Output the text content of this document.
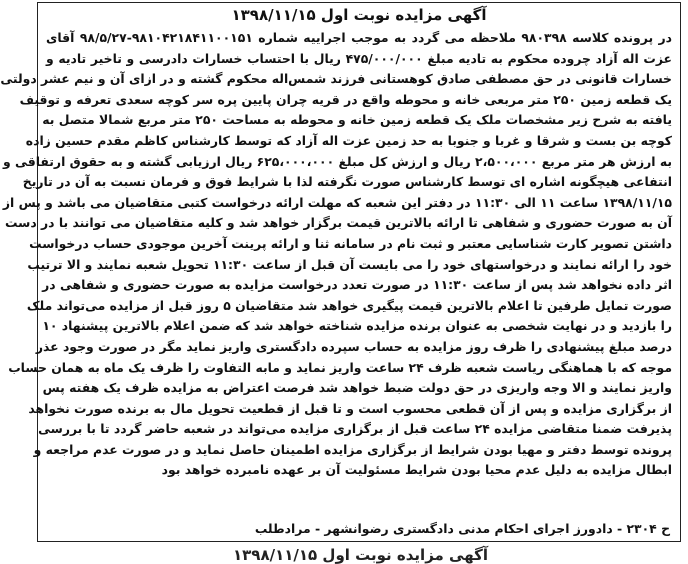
آگهی مزایده نوبت اول ۱۳۹۸/۱۱/۱۵
در پرونده کلاسه ۹۸۰۳۹۸ ملاحظه می گردد به موجب اجراییه شماره ۹۸۱۰۴۲۱۸۴۱۱۰۰۱۵۱-۹۸/۵/۲۷ آقای
عزت اله آزاد چروده محکوم به تادیه مبلغ ۴۷۵/۰۰۰/۰۰۰ ریال با احتساب خسارات دادرسی و تاخیر تادیه و
خسارات قانونی در حق مصطفی صادق کوهستانی فرزند شمس‌اله محکوم گشته و در ازای آن و نیم عشر دولتی
یک قطعه زمین ۲۵۰ متر مربعی خانه و محوطه واقع در قریه چران پایین پره سر کوچه سعدی تعرفه و توقیف
یافته به شرح زیر مشخصات ملک یک قطعه زمین خانه و محوطه به مساحت ۲۵۰ متر مربع شمالا متصل به
کوچه بن بست و شرقا و غربا و جنوبا به حد زمین عزت اله آزاد که توسط کارشناس کاظم مقدم حسین زاده
به ارزش هر متر مربع ۲،۵۰۰،۰۰۰ ریال و ارزش کل مبلغ ۶۲۵،۰۰۰،۰۰۰ ریال ارزیابی گشته و به حقوق ارتفاقی و
انتفاعی هیچگونه اشاره ای توسط کارشناس صورت نگرفته لذا با شرایط فوق و فرمان نسبت به آن در تاریخ
۱۳۹۸/۱۱/۱۵ ساعت ۱۱ الی ۱۱:۳۰ در دفتر این شعبه که مهلت ارائه درخواست کتبی متقاضیان می باشد و پس از
آن به صورت حضوری و شفاهی تا ارائه بالاترین قیمت برگزار خواهد شد و کلیه متقاضیان می توانند با در دست
داشتن تصویر کارت شناسایی معتبر و ثبت نام در سامانه ثنا و ارائه پرینت آخرین موجودی حساب درخواست
خود را ارائه نمایند و درخواستهای خود را می بایست آن قبل از ساعت ۱۱:۳۰ تحویل شعبه نمایند و الا ترتیب
اثر داده نخواهد شد پس از ساعت ۱۱:۳۰ در صورت تعدد درخواست مزایده به صورت حضوری و شفاهی در
صورت تمایل طرفین تا اعلام بالاترین قیمت پیگیری خواهد شد متقاضیان ۵ روز قبل از مزایده می‌تواند ملک
را بازدید و در نهایت شخصی به عنوان برنده مزایده شناخته خواهد شد که ضمن اعلام بالاترین پیشنهاد ۱۰
درصد مبلغ پیشنهادی را ظرف روز مزایده به حساب سپرده دادگستری واریز نماید مگر در صورت وجود عذر
موجه که با هماهنگی ریاست شعبه ظرف ۲۴ ساعت واریز نماید و مابه التفاوت را ظرف یک ماه به همان حساب
واریز نمایند و الا وجه واریزی در حق دولت ضبط خواهد شد فرصت اعتراض به مزایده ظرف یک هفته پس
از برگزاری مزایده و پس از آن قطعی محسوب است و تا قبل از قطعیت تحویل مال به برنده صورت نخواهد
پذیرفت ضمنا متقاضی مزایده ۲۴ ساعت قبل از برگزاری مزایده می‌تواند در شعبه حاضر گردد تا با بررسی
پرونده توسط دفتر و مهیا بودن شرایط از برگزاری مزایده اطمینان حاصل نماید و در صورت عدم مراجعه و
ابطال مزایده به دلیل عدم محیا بودن شرایط مسئولیت آن بر عهده نامبرده خواهد بود
ح ۲۳۰۴ - دادورز اجرای احکام مدنی دادگستری رضوانشهر - مرادطلب
آگهی مزایده نوبت اول ۱۳۹۸/۱۱/۱۵
